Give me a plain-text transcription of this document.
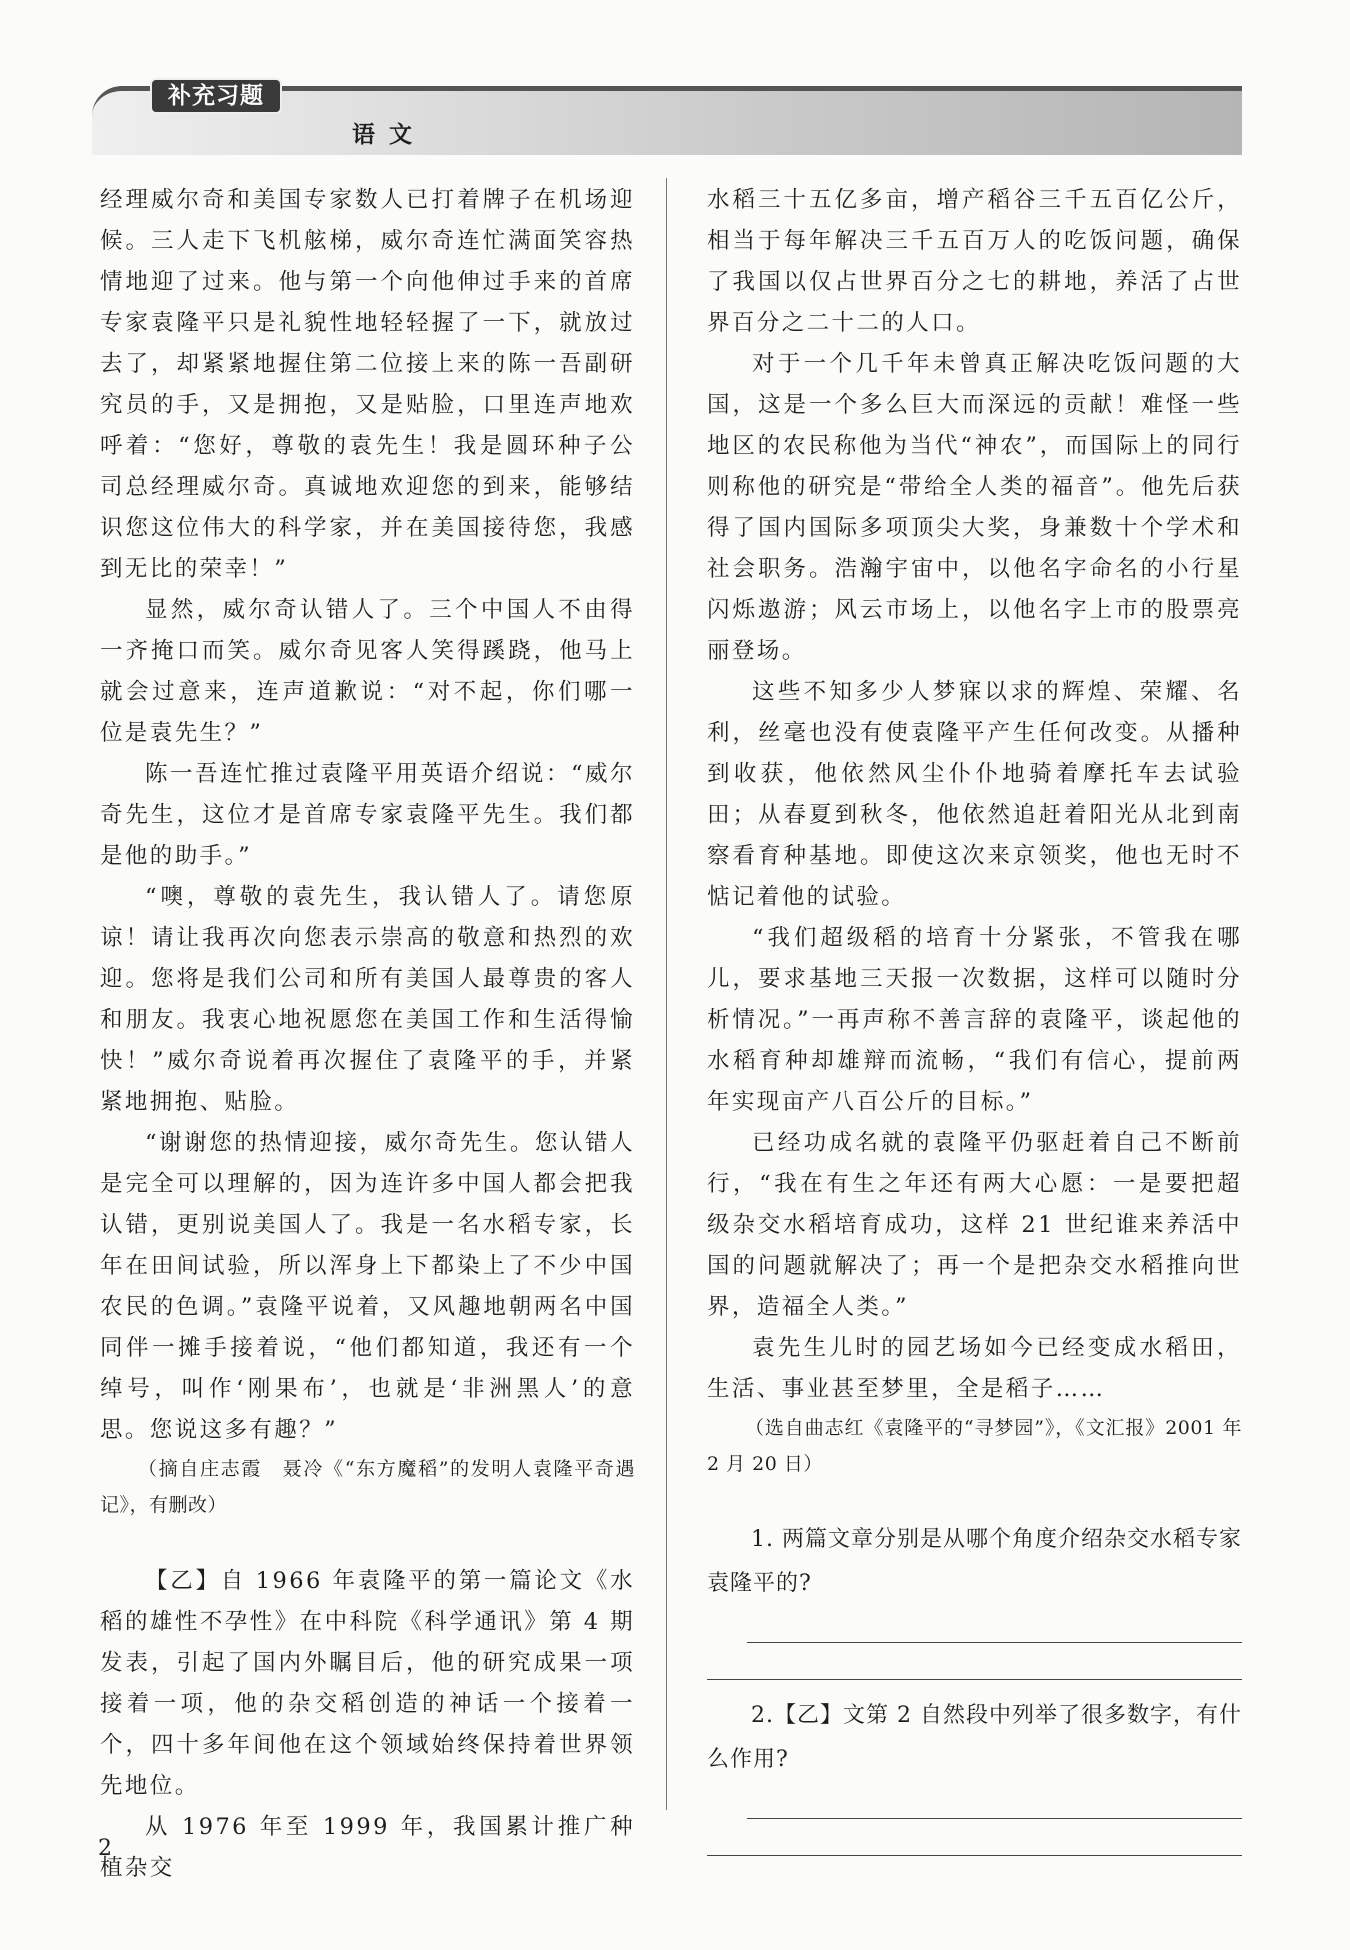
补充习题
语文

经理威尔奇和美国专家数人已打着牌子在机场迎候。三人走下飞机舷梯，威尔奇连忙满面笑容热情地迎了过来。他与第一个向他伸过手来的首席专家袁隆平只是礼貌性地轻轻握了一下，就放过去了，却紧紧地握住第二位接上来的陈一吾副研究员的手，又是拥抱，又是贴脸，口里连声地欢呼着：“您好，尊敬的袁先生！我是圆环种子公司总经理威尔奇。真诚地欢迎您的到来，能够结识您这位伟大的科学家，并在美国接待您，我感到无比的荣幸！”

显然，威尔奇认错人了。三个中国人不由得一齐掩口而笑。威尔奇见客人笑得蹊跷，他马上就会过意来，连声道歉说：“对不起，你们哪一位是袁先生？”

陈一吾连忙推过袁隆平用英语介绍说：“威尔奇先生，这位才是首席专家袁隆平先生。我们都是他的助手。”

“噢，尊敬的袁先生，我认错人了。请您原谅！请让我再次向您表示崇高的敬意和热烈的欢迎。您将是我们公司和所有美国人最尊贵的客人和朋友。我衷心地祝愿您在美国工作和生活得愉快！”威尔奇说着再次握住了袁隆平的手，并紧紧地拥抱、贴脸。

“谢谢您的热情迎接，威尔奇先生。您认错人是完全可以理解的，因为连许多中国人都会把我认错，更别说美国人了。我是一名水稻专家，长年在田间试验，所以浑身上下都染上了不少中国农民的色调。”袁隆平说着，又风趣地朝两名中国同伴一摊手接着说，“他们都知道，我还有一个绰号，叫作‘刚果布’，也就是‘非洲黑人’的意思。您说这多有趣？”

（摘自庄志霞　聂冷《“东方魔稻”的发明人袁隆平奇遇记》，有删改）

【乙】自 1966 年袁隆平的第一篇论文《水稻的雄性不孕性》在中科院《科学通讯》第 4 期发表，引起了国内外瞩目后，他的研究成果一项接着一项，他的杂交稻创造的神话一个接着一个，四十多年间他在这个领域始终保持着世界领先地位。

从 1976 年至 1999 年，我国累计推广种植杂交

水稻三十五亿多亩，增产稻谷三千五百亿公斤，相当于每年解决三千五百万人的吃饭问题，确保了我国以仅占世界百分之七的耕地，养活了占世界百分之二十二的人口。

对于一个几千年未曾真正解决吃饭问题的大国，这是一个多么巨大而深远的贡献！难怪一些地区的农民称他为当代“神农”，而国际上的同行则称他的研究是“带给全人类的福音”。他先后获得了国内国际多项顶尖大奖，身兼数十个学术和社会职务。浩瀚宇宙中，以他名字命名的小行星闪烁遨游；风云市场上，以他名字上市的股票亮丽登场。

这些不知多少人梦寐以求的辉煌、荣耀、名利，丝毫也没有使袁隆平产生任何改变。从播种到收获，他依然风尘仆仆地骑着摩托车去试验田；从春夏到秋冬，他依然追赶着阳光从北到南察看育种基地。即使这次来京领奖，他也无时不惦记着他的试验。

“我们超级稻的培育十分紧张，不管我在哪儿，要求基地三天报一次数据，这样可以随时分析情况。”一再声称不善言辞的袁隆平，谈起他的水稻育种却雄辩而流畅，“我们有信心，提前两年实现亩产八百公斤的目标。”

已经功成名就的袁隆平仍驱赶着自己不断前行，“我在有生之年还有两大心愿：一是要把超级杂交水稻培育成功，这样 21 世纪谁来养活中国的问题就解决了；再一个是把杂交水稻推向世界，造福全人类。”

袁先生儿时的园艺场如今已经变成水稻田，生活、事业甚至梦里，全是稻子……

（选自曲志红《袁隆平的“寻梦园”》，《文汇报》2001 年 2 月 20 日）

1. 两篇文章分别是从哪个角度介绍杂交水稻专家袁隆平的?

2.【乙】文第 2 自然段中列举了很多数字，有什么作用?

2
